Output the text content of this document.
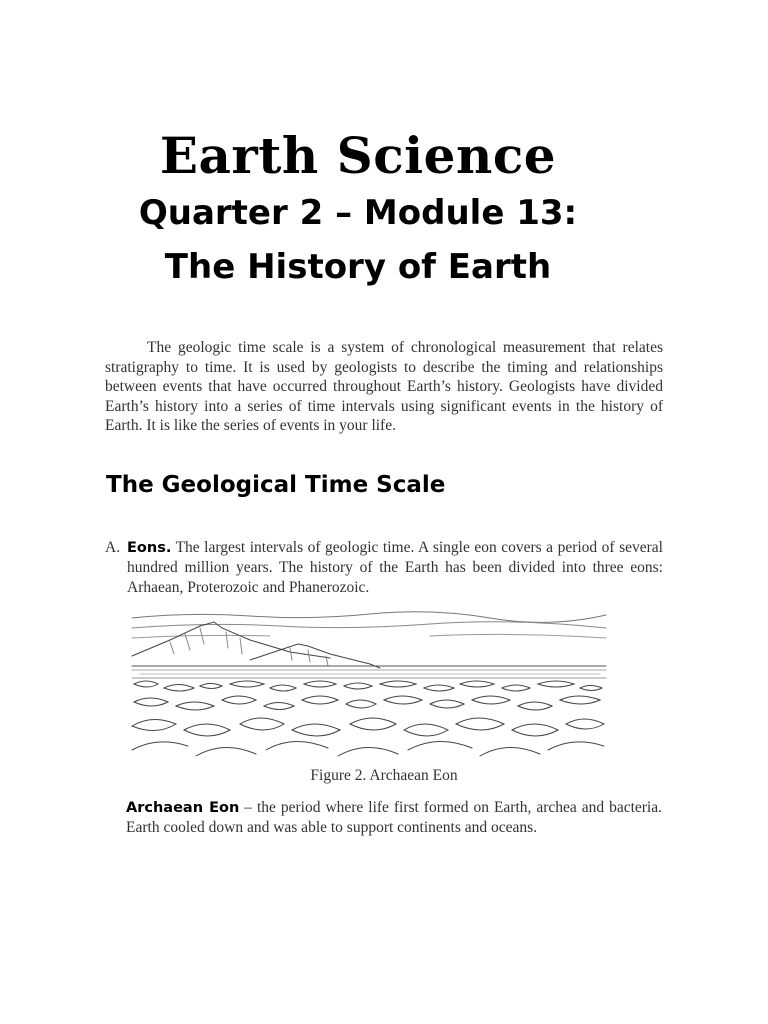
Earth Science
Quarter 2 – Module 13:
The History of Earth

The geologic time scale is a system of chronological measurement that relates stratigraphy to time. It is used by geologists to describe the timing and relationships between events that have occurred throughout Earth’s history. Geologists have divided Earth’s history into a series of time intervals using significant events in the history of Earth. It is like the series of events in your life.

The Geological Time Scale
A. Eons. The largest intervals of geologic time. A single eon covers a period of several hundred million years. The history of the Earth has been divided into three eons: Arhaean, Proterozoic and Phanerozoic.
Figure 2. Archaean Eon
Archaean Eon – the period where life first formed on Earth, archea and bacteria. Earth cooled down and was able to support continents and oceans.
